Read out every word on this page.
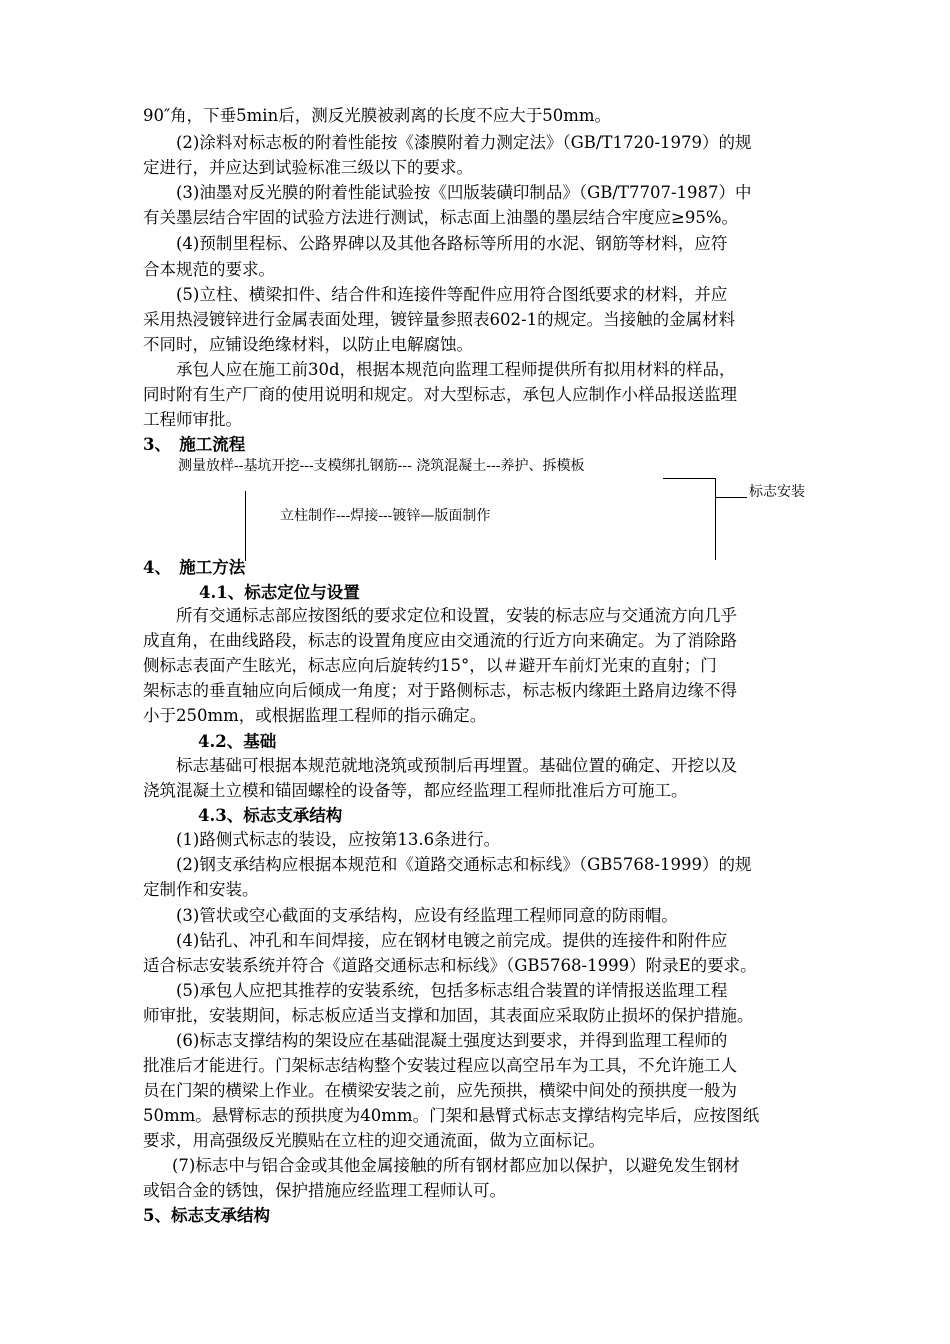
90″角，下垂5min后，测反光膜被剥离的长度不应大于50mm。
(2)涂料对标志板的附着性能按《漆膜附着力测定法》（GB/T1720-1979）的规
定进行，并应达到试验标准三级以下的要求。
(3)油墨对反光膜的附着性能试验按《凹版装磺印制品》（GB/T7707-1987）中
有关墨层结合牢固的试验方法进行测试，标志面上油墨的墨层结合牢度应≥95%。
(4)预制里程标、公路界碑以及其他各路标等所用的水泥、钢筋等材料，应符
合本规范的要求。
(5)立柱、横梁扣件、结合件和连接件等配件应用符合图纸要求的材料，并应
采用热浸镀锌进行金属表面处理，镀锌量参照表602-1的规定。当接触的金属材料
不同时，应铺设绝缘材料，以防止电解腐蚀。
承包人应在施工前30d，根据本规范向监理工程师提供所有拟用材料的样品，
同时附有生产厂商的使用说明和规定。对大型标志，承包人应制作小样品报送监理
工程师审批。
3、　施工流程
测量放样--基坑开挖---支模绑扎钢筋--- 浇筑混凝土---养护、拆模板
标志安装
立柱制作---焊接---镀锌—版面制作
4、　施工方法
4.1、标志定位与设置
所有交通标志部应按图纸的要求定位和设置，安装的标志应与交通流方向几乎
成直角，在曲线路段，标志的设置角度应由交通流的行近方向来确定。为了消除路
侧标志表面产生眩光，标志应向后旋转约15°，以＃避开车前灯光束的直射；门
架标志的垂直轴应向后倾成一角度；对于路侧标志，标志板内缘距土路肩边缘不得
小于250mm，或根据监理工程师的指示确定。
4.2、基础
标志基础可根据本规范就地浇筑或预制后再埋置。基础位置的确定、开挖以及
浇筑混凝土立模和锚固螺栓的设备等，都应经监理工程师批准后方可施工。
4.3、标志支承结构
(1)路侧式标志的装设，应按第13.6条进行。
(2)钢支承结构应根据本规范和《道路交通标志和标线》（GB5768-1999）的规
定制作和安装。
(3)管状或空心截面的支承结构，应设有经监理工程师同意的防雨帽。
(4)钻孔、冲孔和车间焊接，应在钢材电镀之前完成。提供的连接件和附件应
适合标志安装系统并符合《道路交通标志和标线》（GB5768-1999）附录E的要求。
(5)承包人应把其推荐的安装系统，包括多标志组合装置的详情报送监理工程
师审批，安装期间，标志板应适当支撑和加固，其表面应采取防止损坏的保护措施。
(6)标志支撑结构的架设应在基础混凝土强度达到要求，并得到监理工程师的
批准后才能进行。门架标志结构整个安装过程应以高空吊车为工具，不允许施工人
员在门架的横梁上作业。在横梁安装之前，应先预拱，横梁中间处的预拱度一般为
50mm。悬臂标志的预拱度为40mm。门架和悬臂式标志支撑结构完毕后，应按图纸
要求，用高强级反光膜贴在立柱的迎交通流面，做为立面标记。
(7)标志中与铝合金或其他金属接触的所有钢材都应加以保护，以避免发生钢材
或铝合金的锈蚀，保护措施应经监理工程师认可。
5、标志支承结构
